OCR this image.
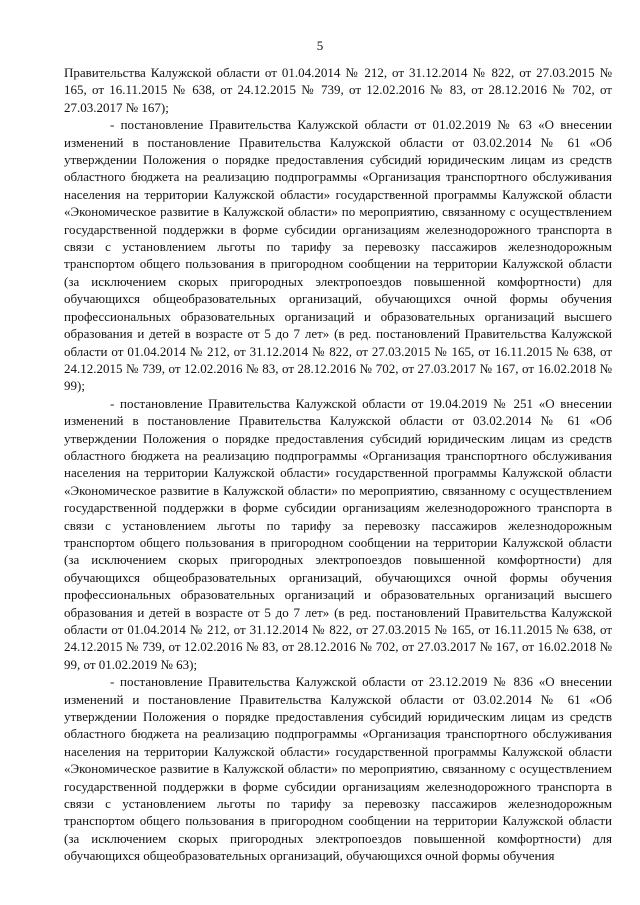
5

Правительства Калужской области от 01.04.2014 № 212, от 31.12.2014 № 822, от 27.03.2015 № 165, от 16.11.2015 № 638, от 24.12.2015 № 739, от 12.02.2016 № 83, от 28.12.2016 № 702, от 27.03.2017 № 167);

- постановление Правительства Калужской области от 01.02.2019 № 63 «О внесении изменений в постановление Правительства Калужской области от 03.02.2014 № 61 «Об утверждении Положения о порядке предоставления субсидий юридическим лицам из средств областного бюджета на реализацию подпрограммы «Организация транспортного обслуживания населения на территории Калужской области» государственной программы Калужской области «Экономическое развитие в Калужской области» по мероприятию, связанному с осуществлением государственной поддержки в форме субсидии организациям железнодорожного транспорта в связи с установлением льготы по тарифу за перевозку пассажиров железнодорожным транспортом общего пользования в пригородном сообщении на территории Калужской области (за исключением скорых пригородных электропоездов повышенной комфортности) для обучающихся общеобразовательных организаций, обучающихся очной формы обучения профессиональных образовательных организаций и образовательных организаций высшего образования и детей в возрасте от 5 до 7 лет» (в ред. постановлений Правительства Калужской области от 01.04.2014 № 212, от 31.12.2014 № 822, от 27.03.2015 № 165, от 16.11.2015 № 638, от 24.12.2015 № 739, от 12.02.2016 № 83, от 28.12.2016 № 702, от 27.03.2017 № 167, от 16.02.2018 № 99);

- постановление Правительства Калужской области от 19.04.2019 № 251 «О внесении изменений в постановление Правительства Калужской области от 03.02.2014 № 61 «Об утверждении Положения о порядке предоставления субсидий юридическим лицам из средств областного бюджета на реализацию подпрограммы «Организация транспортного обслуживания населения на территории Калужской области» государственной программы Калужской области «Экономическое развитие в Калужской области» по мероприятию, связанному с осуществлением государственной поддержки в форме субсидии организациям железнодорожного транспорта в связи с установлением льготы по тарифу за перевозку пассажиров железнодорожным транспортом общего пользования в пригородном сообщении на территории Калужской области (за исключением скорых пригородных электропоездов повышенной комфортности) для обучающихся общеобразовательных организаций, обучающихся очной формы обучения профессиональных образовательных организаций и образовательных организаций высшего образования и детей в возрасте от 5 до 7 лет» (в ред. постановлений Правительства Калужской области от 01.04.2014 № 212, от 31.12.2014 № 822, от 27.03.2015 № 165, от 16.11.2015 № 638, от 24.12.2015 № 739, от 12.02.2016 № 83, от 28.12.2016 № 702, от 27.03.2017 № 167, от 16.02.2018 № 99, от 01.02.2019 № 63);

- постановление Правительства Калужской области от 23.12.2019 № 836 «О внесении изменений и постановление Правительства Калужской области от 03.02.2014 № 61 «Об утверждении Положения о порядке предоставления субсидий юридическим лицам из средств областного бюджета на реализацию подпрограммы «Организация транспортного обслуживания населения на территории Калужской области» государственной программы Калужской области «Экономическое развитие в Калужской области» по мероприятию, связанному с осуществлением государственной поддержки в форме субсидии организациям железнодорожного транспорта в связи с установлением льготы по тарифу за перевозку пассажиров железнодорожным транспортом общего пользования в пригородном сообщении на территории Калужской области (за исключением скорых пригородных электропоездов повышенной комфортности) для обучающихся общеобразовательных организаций, обучающихся очной формы обучения
